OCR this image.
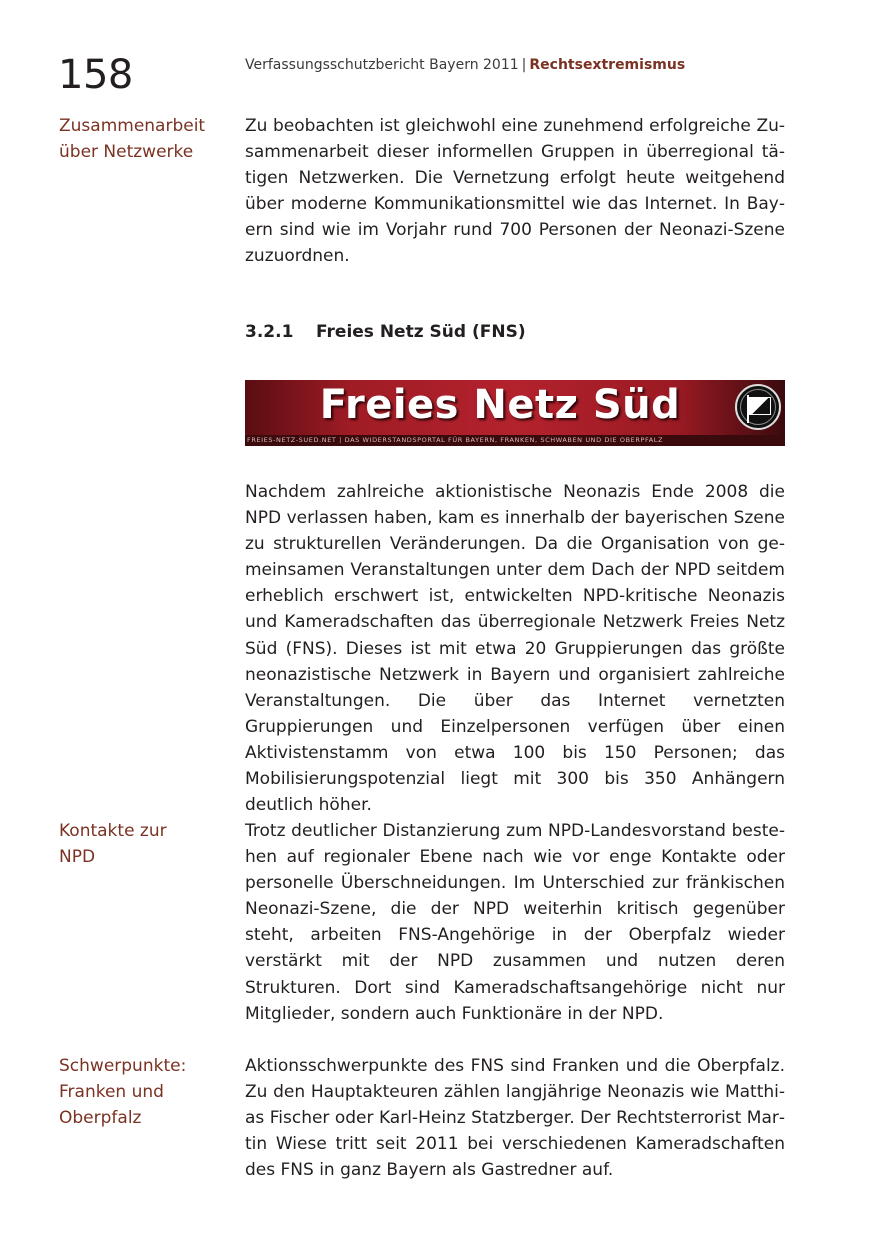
158	Verfassungsschutzbericht Bayern 2011 | Rechtsextremismus
Zusammenarbeit über Netzwerke
Zu beobachten ist gleichwohl eine zunehmend erfolgreiche Zusammenarbeit dieser informellen Gruppen in überregional tätigen Netzwerken. Die Vernetzung erfolgt heute weitgehend über moderne Kommunikationsmittel wie das Internet. In Bayern sind wie im Vorjahr rund 700 Personen der Neonazi-Szene zuzuordnen.
3.2.1 Freies Netz Süd (FNS)
Freies Netz Süd
FREIES-NETZ-SUED.NET | DAS WIDERSTANDSPORTAL FÜR BAYERN, FRANKEN, SCHWABEN UND DIE OBERPFALZ
Nachdem zahlreiche aktionistische Neonazis Ende 2008 die NPD verlassen haben, kam es innerhalb der bayerischen Szene zu strukturellen Veränderungen. Da die Organisation von gemeinsamen Veranstaltungen unter dem Dach der NPD seitdem erheblich erschwert ist, entwickelten NPD-kritische Neonazis und Kameradschaften das überregionale Netzwerk Freies Netz Süd (FNS). Dieses ist mit etwa 20 Gruppierungen das größte neonazistische Netzwerk in Bayern und organisiert zahlreiche Veranstaltungen. Die über das Internet vernetzten Gruppierungen und Einzelpersonen verfügen über einen Aktivistenstamm von etwa 100 bis 150 Personen; das Mobilisierungspotenzial liegt mit 300 bis 350 Anhängern deutlich höher.
Kontakte zur NPD
Trotz deutlicher Distanzierung zum NPD-Landesvorstand bestehen auf regionaler Ebene nach wie vor enge Kontakte oder personelle Überschneidungen. Im Unterschied zur fränkischen Neonazi-Szene, die der NPD weiterhin kritisch gegenüber steht, arbeiten FNS-Angehörige in der Oberpfalz wieder verstärkt mit der NPD zusammen und nutzen deren Strukturen. Dort sind Kameradschaftsangehörige nicht nur Mitglieder, sondern auch Funktionäre in der NPD.
Schwerpunkte: Franken und Oberpfalz
Aktionsschwerpunkte des FNS sind Franken und die Oberpfalz. Zu den Hauptakteuren zählen langjährige Neonazis wie Matthias Fischer oder Karl-Heinz Statzberger. Der Rechtsterrorist Martin Wiese tritt seit 2011 bei verschiedenen Kameradschaften des FNS in ganz Bayern als Gastredner auf.
